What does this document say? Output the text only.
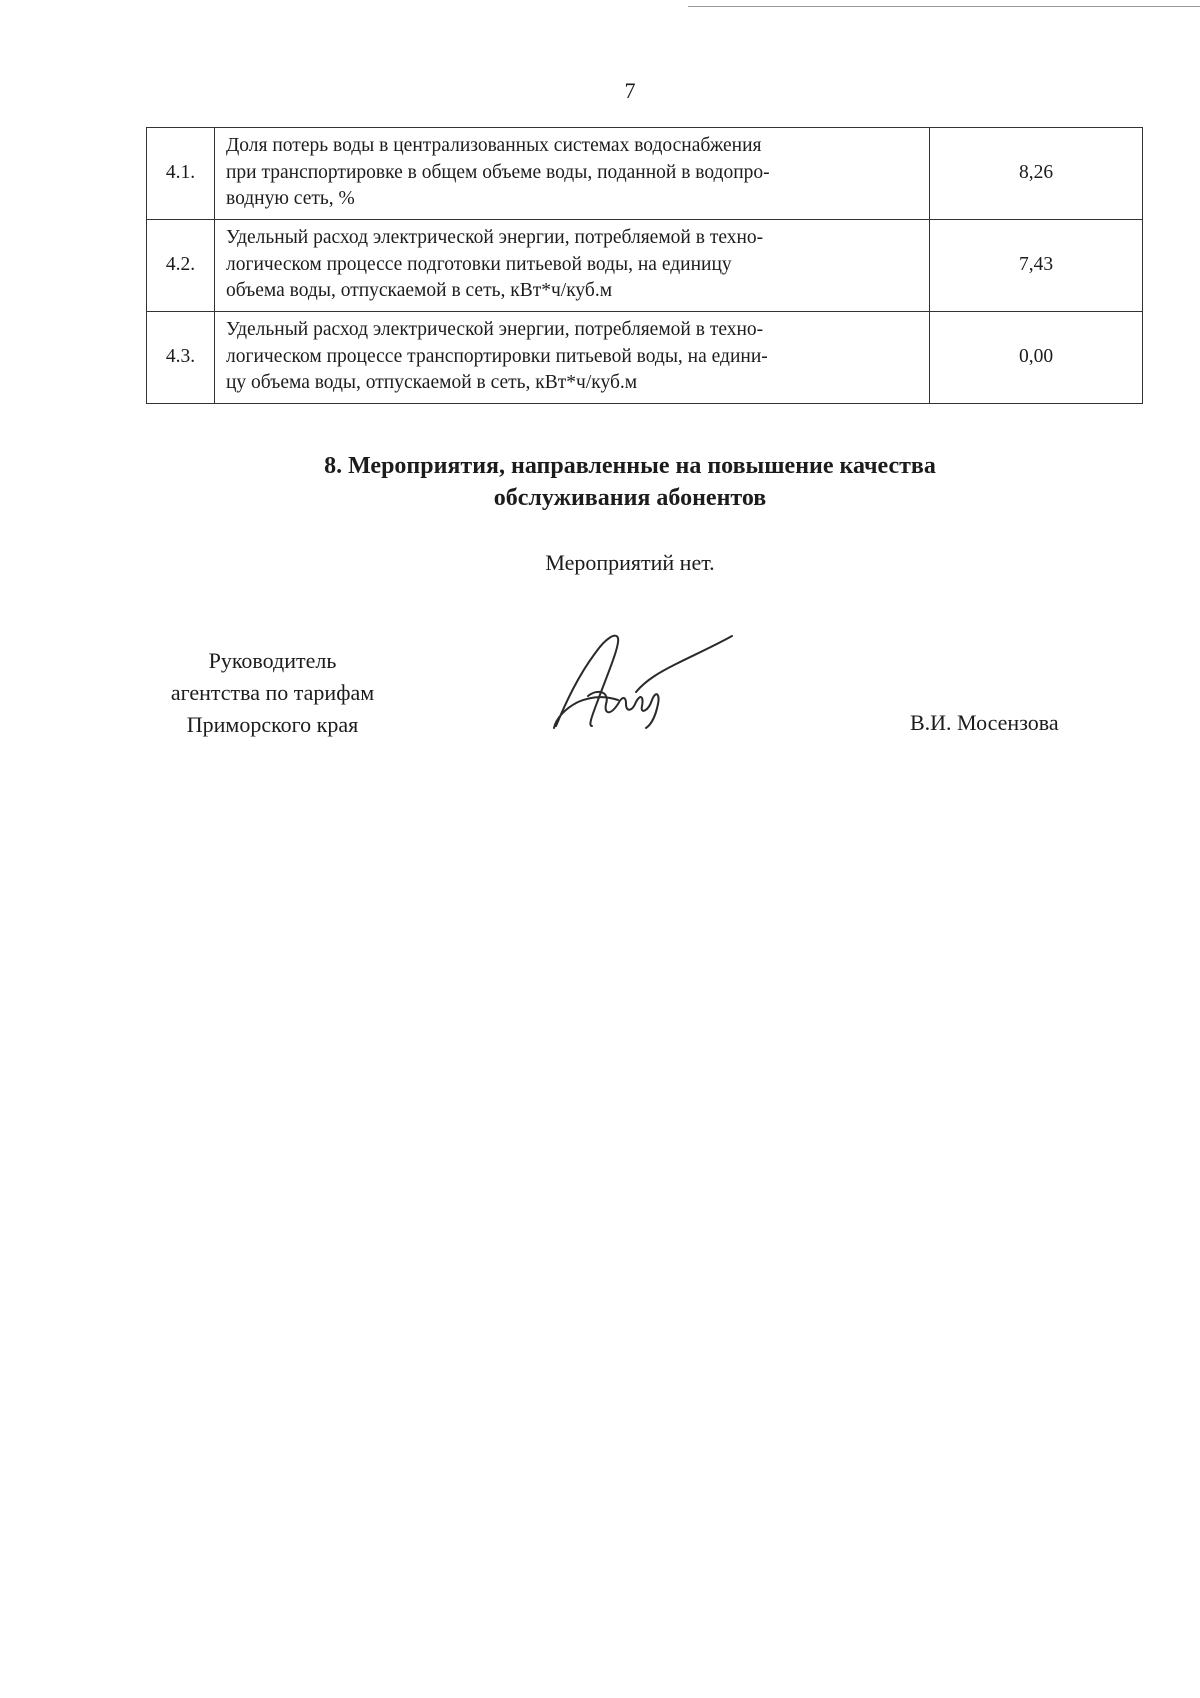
7
4.1.	Доля потерь воды в централизованных системах водоснабжения
при транспортировке в общем объеме воды, поданной в водопро-
водную сеть, %	8,26
4.2.	Удельный расход электрической энергии, потребляемой в техно-
логическом процессе подготовки питьевой воды, на единицу
объема воды, отпускаемой в сеть, кВт*ч/куб.м	7,43
4.3.	Удельный расход электрической энергии, потребляемой в техно-
логическом процессе транспортировки питьевой воды, на едини-
цу объема воды, отпускаемой в сеть, кВт*ч/куб.м	0,00
8. Мероприятия, направленные на повышение качества
обслуживания абонентов
Мероприятий нет.
Руководитель
агентства по тарифам
Приморского края	В.И. Мосензова
